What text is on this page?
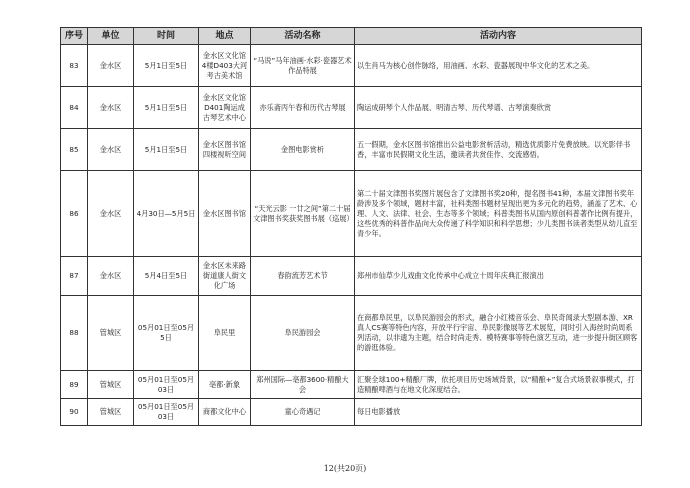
序号	单位	时间	地点	活动名称	活动内容
83	金水区	5月1日至5日	金水区文化馆4楼D403大河考古美术馆	“马说”马年油画·水彩·瓷器艺术作品特展	以生肖马为核心创作脉络，用油画、水彩、瓷器展现中华文化的艺术之美。
84	金水区	5月1日至5日	金水区文化馆D401陶运成古琴艺术中心	亦乐斋丙午春和历代古琴展	陶运成研琴个人作品展、明清古琴、历代琴谱、古琴演奏欣赏
85	金水区	5月1日至5日	金水区图书馆四楼视听空间	金图电影赏析	五一假期，金水区图书馆推出公益电影赏析活动，精选优质影片免费放映。以光影伴书香，丰富市民假期文化生活，邀读者共赏佳作、交流感悟。
86	金水区	4月30日—5月5日	金水区图书馆	“天光云影 一廿之间”第二十届文津图书奖获奖图书展（巡展）	第二十届文津图书奖图片展包含了文津图书奖20种，提名图书41种，本届文津图书奖年龄涉及多个领域，题材丰富，社科类图书题材呈现出更为多元化的趋势，涵盖了艺术、心理、人文、法律、社会、生态等多个领域；科普类图书从国内原创科普著作比例有提升，这些优秀的科普作品向大众传递了科学知识和科学思想；少儿类图书读者类型从幼儿直至青少年。
87	金水区	5月4日至5日	金水区未来路街道康人街文化广场	春韵流芳艺术节	郑州市仙草少儿戏曲文化传承中心成立十周年庆典汇报演出
88	管城区	05月01日至05月5日	阜民里	阜民游园会	在商都阜民里，以阜民游园会的形式，融合小红楼音乐会、阜民奇闻录大型剧本游、XR真人CS赛等特色内容，开放平行宇宙、阜民影像展等艺术展览，同时引入海丝时尚周系列活动，以非遗为主题，结合时尚走秀、模特赛事等特色演艺互动，进一步提升街区顾客的游逛体验。
89	管城区	05月01日至05月03日	亳都·新象	郑州国际—亳都3600·精酿大会	汇聚全球100+精酿厂牌，依托项目历史场域背景，以“精酿+”复合式场景叙事模式，打造精酿啤酒与在地文化深度结合。
90	管城区	05月01日至05月03日	商都文化中心	童心奇遇记	每日电影播放
12(共20页)
